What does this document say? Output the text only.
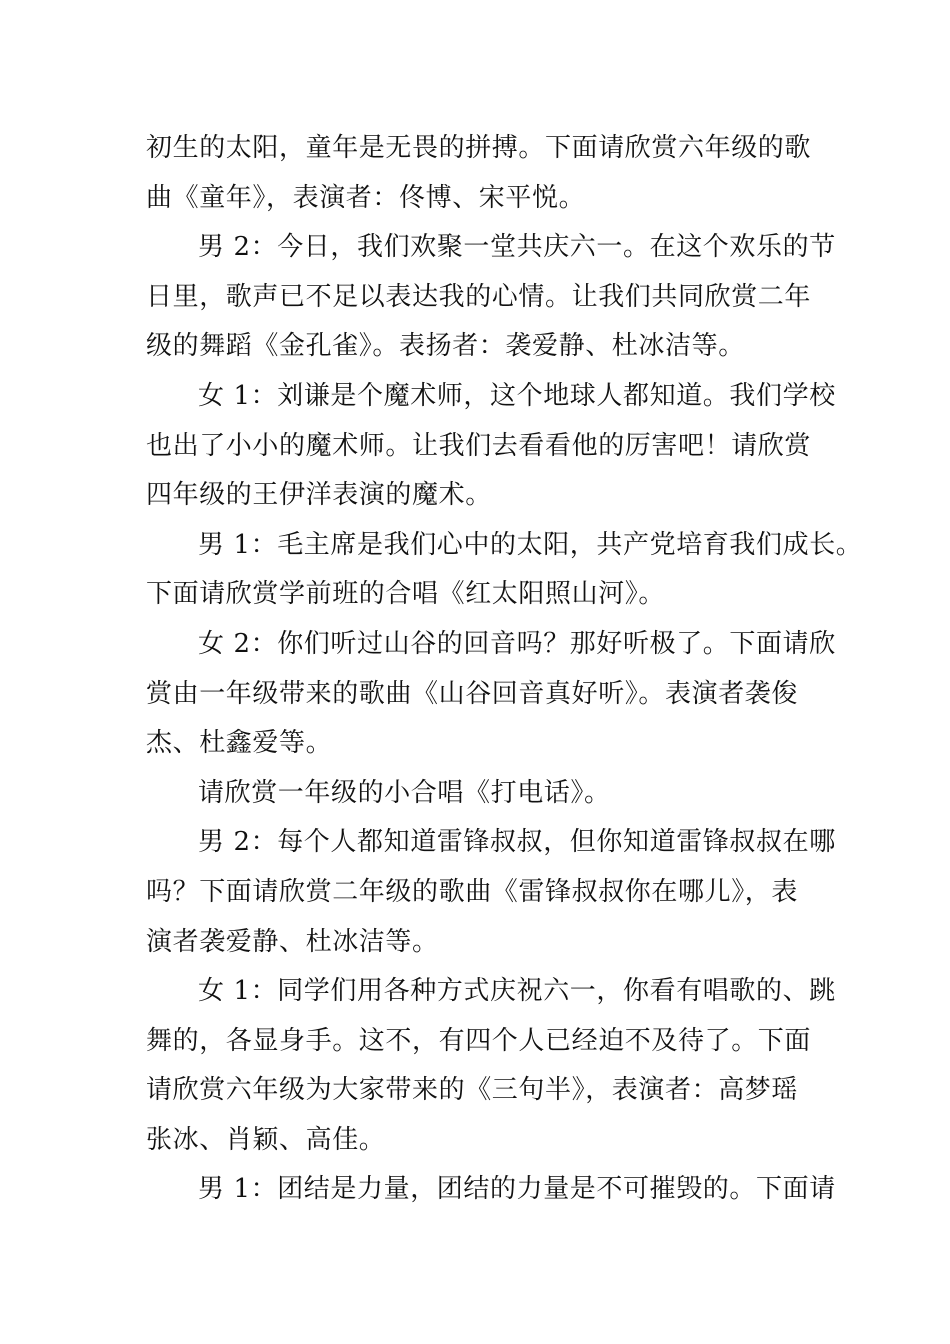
初生的太阳，童年是无畏的拼搏。下面请欣赏六年级的歌
曲《童年》，表演者：佟博、宋平悦。
男 2：今日，我们欢聚一堂共庆六一。在这个欢乐的节
日里，歌声已不足以表达我的心情。让我们共同欣赏二年
级的舞蹈《金孔雀》。表扬者：袭爱静、杜冰洁等。
女 1：刘谦是个魔术师，这个地球人都知道。我们学校
也出了小小的魔术师。让我们去看看他的厉害吧！请欣赏
四年级的王伊洋表演的魔术。
男 1：毛主席是我们心中的太阳，共产党培育我们成长。
下面请欣赏学前班的合唱《红太阳照山河》。
女 2：你们听过山谷的回音吗？那好听极了。下面请欣
赏由一年级带来的歌曲《山谷回音真好听》。表演者袭俊
杰、杜鑫爱等。
请欣赏一年级的小合唱《打电话》。
男 2：每个人都知道雷锋叔叔，但你知道雷锋叔叔在哪
吗？下面请欣赏二年级的歌曲《雷锋叔叔你在哪儿》，表
演者袭爱静、杜冰洁等。
女 1：同学们用各种方式庆祝六一，你看有唱歌的、跳
舞的，各显身手。这不，有四个人已经迫不及待了。下面
请欣赏六年级为大家带来的《三句半》，表演者：高梦瑶
张冰、肖颖、高佳。
男 1：团结是力量，团结的力量是不可摧毁的。下面请
